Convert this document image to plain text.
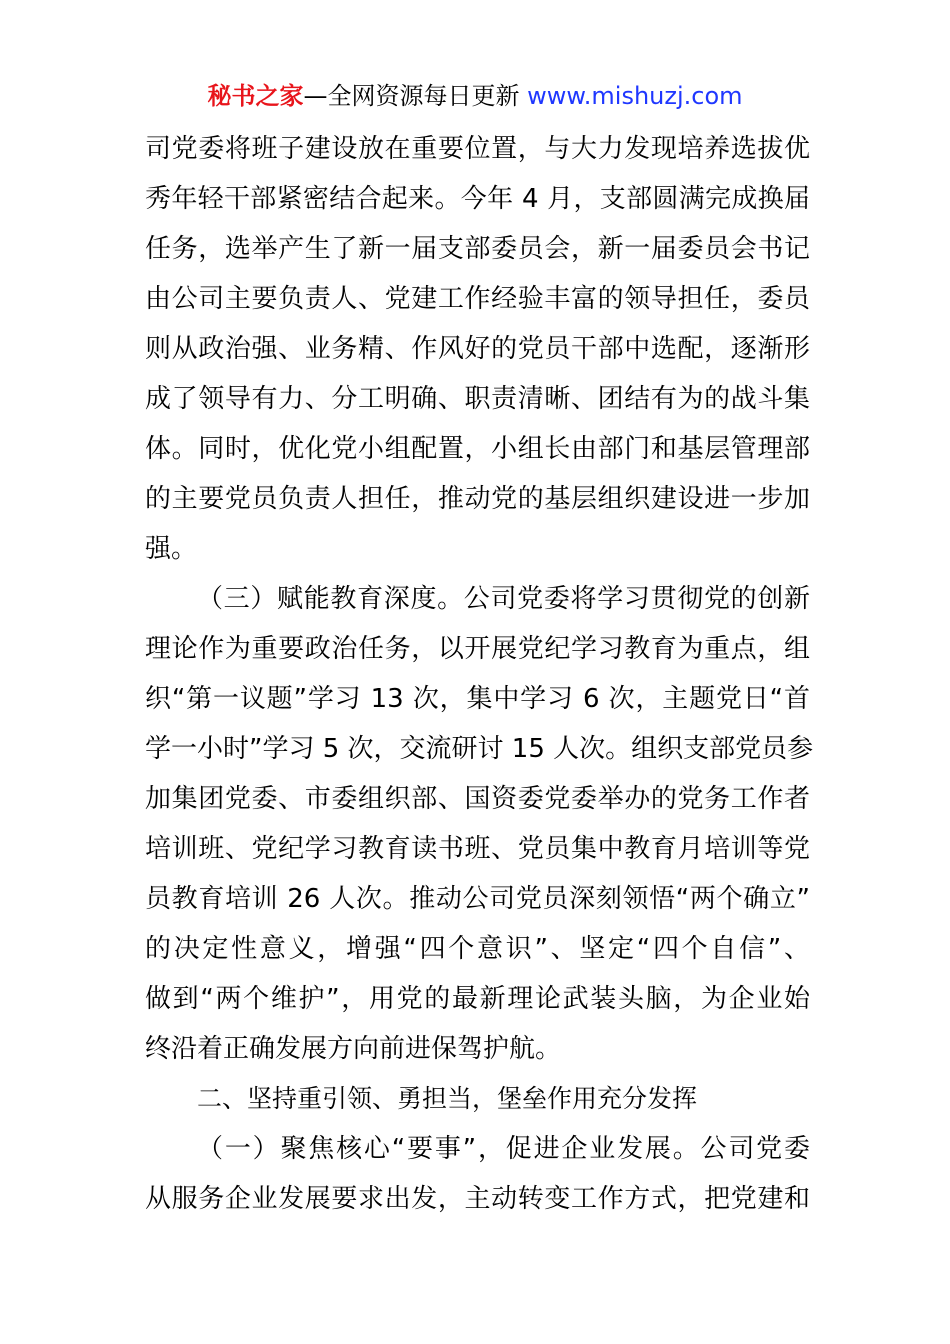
秘书之家—全网资源每日更新 www.mishuzj.com
司党委将班子建设放在重要位置，与大力发现培养选拔优
秀年轻干部紧密结合起来。今年 4 月，支部圆满完成换届
任务，选举产生了新一届支部委员会，新一届委员会书记
由公司主要负责人、党建工作经验丰富的领导担任，委员
则从政治强、业务精、作风好的党员干部中选配，逐渐形
成了领导有力、分工明确、职责清晰、团结有为的战斗集
体。同时，优化党小组配置，小组长由部门和基层管理部
的主要党员负责人担任，推动党的基层组织建设进一步加
强。
（三）赋能教育深度。公司党委将学习贯彻党的创新
理论作为重要政治任务，以开展党纪学习教育为重点，组
织“第一议题”学习 13 次，集中学习 6 次，主题党日“首
学一小时”学习 5 次，交流研讨 15 人次。组织支部党员参
加集团党委、市委组织部、国资委党委举办的党务工作者
培训班、党纪学习教育读书班、党员集中教育月培训等党
员教育培训 26 人次。推动公司党员深刻领悟“两个确立”
的决定性意义，增强“四个意识”、坚定“四个自信”、
做到“两个维护”，用党的最新理论武装头脑，为企业始
终沿着正确发展方向前进保驾护航。
二、坚持重引领、勇担当，堡垒作用充分发挥
（一）聚焦核心“要事”，促进企业发展。公司党委
从服务企业发展要求出发，主动转变工作方式，把党建和
